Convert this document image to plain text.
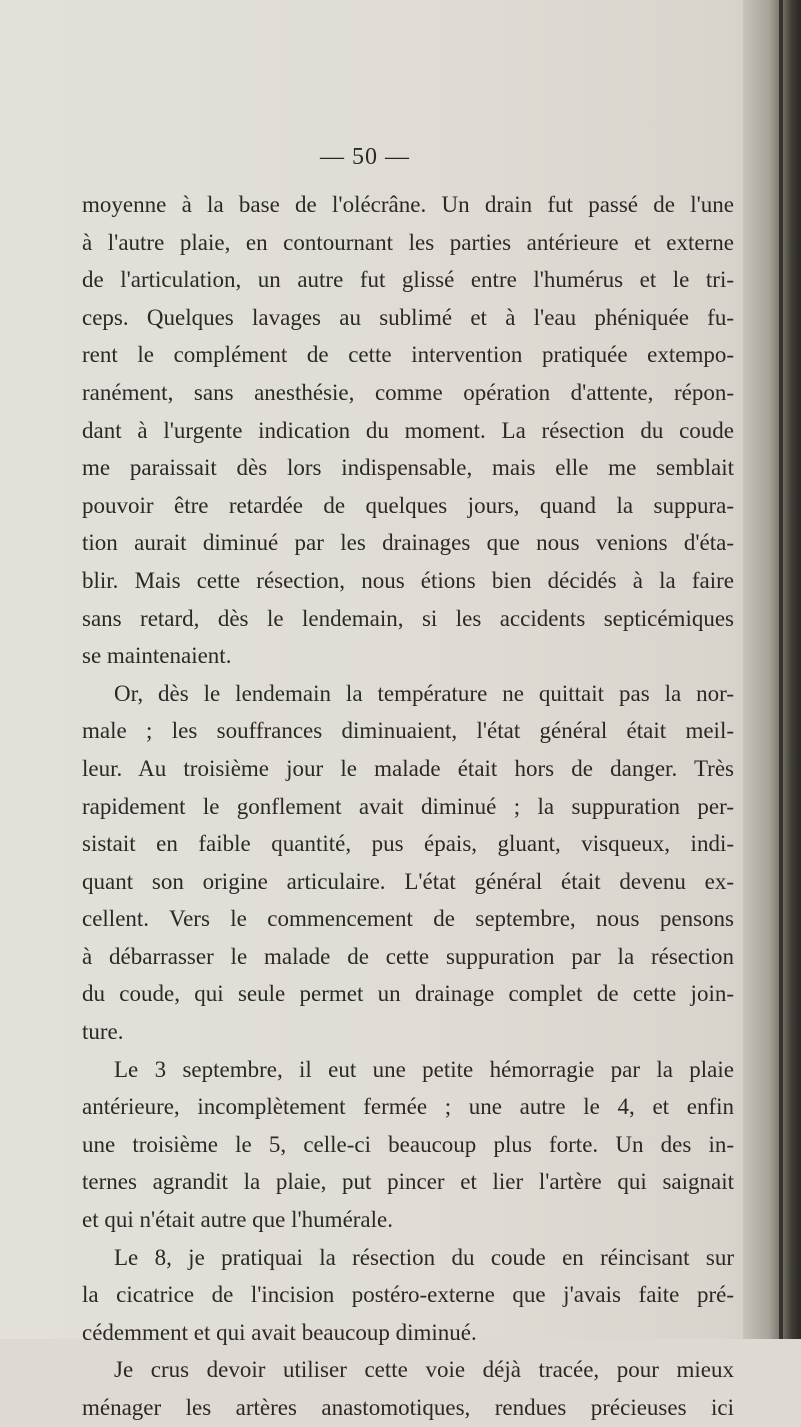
— 50 —
moyenne à la base de l'olécrâne. Un drain fut passé de l'une
à l'autre plaie, en contournant les parties antérieure et externe
de l'articulation, un autre fut glissé entre l'humérus et le tri-
ceps. Quelques lavages au sublimé et à l'eau phéniquée fu-
rent le complément de cette intervention pratiquée extempo-
ranément, sans anesthésie, comme opération d'attente, répon-
dant à l'urgente indication du moment. La résection du coude
me paraissait dès lors indispensable, mais elle me semblait
pouvoir être retardée de quelques jours, quand la suppura-
tion aurait diminué par les drainages que nous venions d'éta-
blir. Mais cette résection, nous étions bien décidés à la faire
sans retard, dès le lendemain, si les accidents septicémiques
se maintenaient.
Or, dès le lendemain la température ne quittait pas la nor-
male ; les souffrances diminuaient, l'état général était meil-
leur. Au troisième jour le malade était hors de danger. Très
rapidement le gonflement avait diminué ; la suppuration per-
sistait en faible quantité, pus épais, gluant, visqueux, indi-
quant son origine articulaire. L'état général était devenu ex-
cellent. Vers le commencement de septembre, nous pensons
à débarrasser le malade de cette suppuration par la résection
du coude, qui seule permet un drainage complet de cette join-
ture.
Le 3 septembre, il eut une petite hémorragie par la plaie
antérieure, incomplètement fermée ; une autre le 4, et enfin
une troisième le 5, celle-ci beaucoup plus forte. Un des in-
ternes agrandit la plaie, put pincer et lier l'artère qui saignait
et qui n'était autre que l'humérale.
Le 8, je pratiquai la résection du coude en réincisant sur
la cicatrice de l'incision postéro-externe que j'avais faite pré-
cédemment et qui avait beaucoup diminué.
Je crus devoir utiliser cette voie déjà tracée, pour mieux
ménager les artères anastomotiques, rendues précieuses ici
